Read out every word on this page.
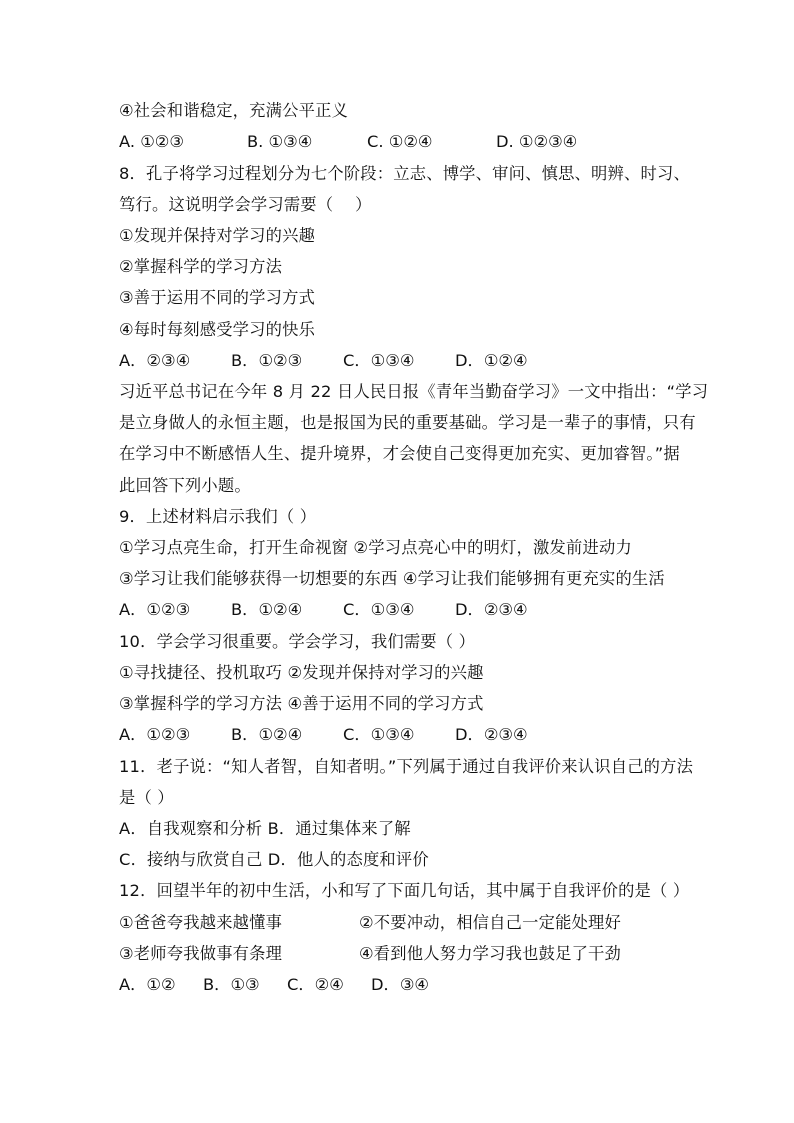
④社会和谐稳定，充满公平正义
A. ①②③	B. ①③④	C. ①②④	D. ①②③④
8．孔子将学习过程划分为七个阶段：立志、博学、审问、慎思、明辨、时习、
笃行。这说明学会学习需要（　 ）
①发现并保持对学习的兴趣
②掌握科学的学习方法
③善于运用不同的学习方式
④每时每刻感受学习的快乐
A．②③④	B．①②③	C．①③④ D．①②④
习近平总书记在今年 8 月 22 日人民日报《青年当勤奋学习》一文中指出：“学习
是立身做人的永恒主题，也是报国为民的重要基础。学习是一辈子的事情，只有
在学习中不断感悟人生、提升境界，才会使自己变得更加充实、更加睿智。”据
此回答下列小题。
9．上述材料启示我们（ ）
①学习点亮生命，打开生命视窗 ②学习点亮心中的明灯，激发前进动力
③学习让我们能够获得一切想要的东西 ④学习让我们能够拥有更充实的生活
A．①②③	B．①②④	C．①③④ D．②③④
10．学会学习很重要。学会学习，我们需要（ ）
①寻找捷径、投机取巧 ②发现并保持对学习的兴趣
③掌握科学的学习方法 ④善于运用不同的学习方式
A．①②③	B．①②④	C．①③④ D．②③④
11．老子说：“知人者智，自知者明。”下列属于通过自我评价来认识自己的方法
是（ ）
A．自我观察和分析 B．通过集体来了解
C．接纳与欣赏自己 D．他人的态度和评价
12．回望半年的初中生活，小和写了下面几句话，其中属于自我评价的是（ ）
①爸爸夸我越来越懂事	②不要冲动，相信自己一定能处理好
③老师夸我做事有条理	④看到他人努力学习我也鼓足了干劲
A．①② B．①③ C．②④ D．③④
